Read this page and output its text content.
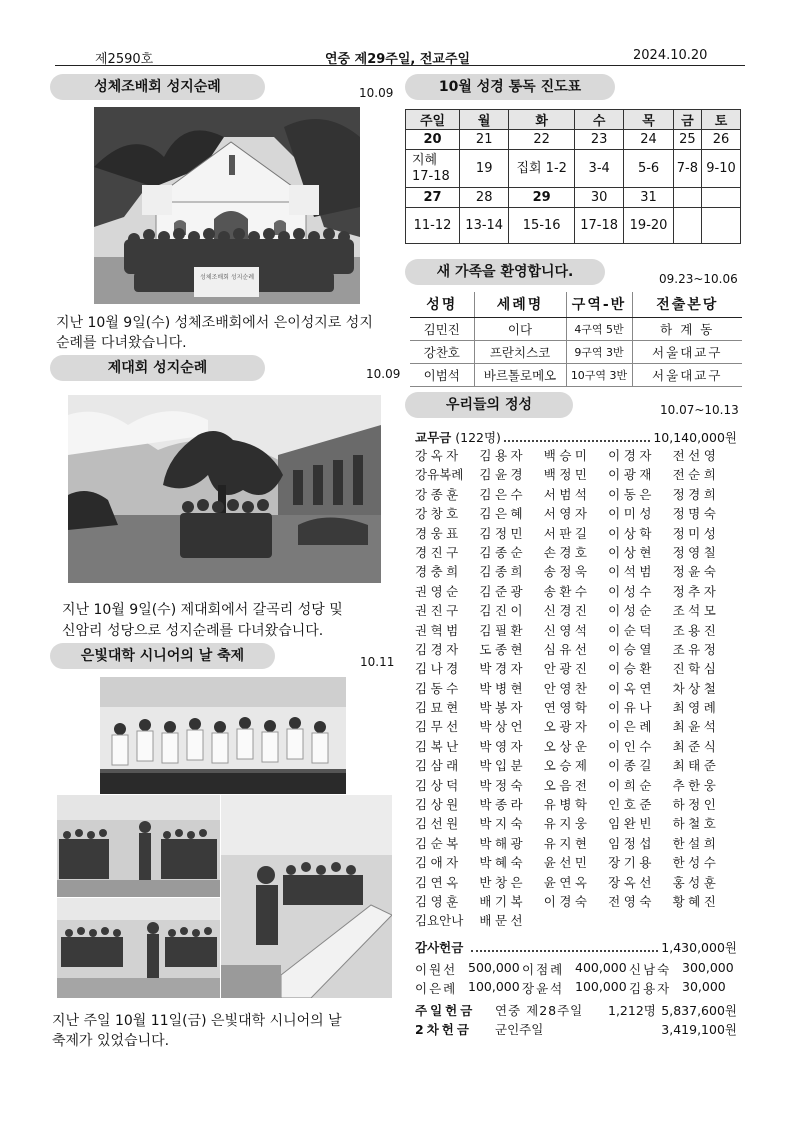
제2590호	연중 제29주일, 전교주일	2024.10.20
성체조배회 성지순례	10.09
성체조배회 성지순례
지난 10월 9일(수) 성체조배회에서 은이성지로 성지
순례를 다녀왔습니다.
제대회 성지순례	10.09
지난 10월 9일(수) 제대회에서 갈곡리 성당 및
신암리 성당으로 성지순례를 다녀왔습니다.
은빛대학 시니어의 날 축제	10.11
지난 주일 10월 11일(금) 은빛대학 시니어의 날
축제가 있었습니다.
10월 성경 통독 진도표
주일	월	화	수	목	금	토
20	21	22	23	24	25	26
지혜 17-18	19	집회 1-2	3-4	5-6	7-8	9-10
27	28	29	30	31		
11-12	13-14	15-16	17-18	19-20		
새 가족을 환영합니다.	09.23~10.06
성명	세례명	구역-반	전출본당
김민진	이다	4구역 5반	하 계 동
강찬호	프란치스코	9구역 3반	서울대교구
이범석	바르톨로메오	10구역 3반	서울대교구
우리들의 정성	10.07~10.13
교무금 (122명)	10,140,000원
강옥자	김용자	백승미	이경자	전선영
강유복례	김윤경	백정민	이광재	전순희
강종훈	김은수	서범석	이동은	정경희
강창호	김은혜	서영자	이미성	정명숙
경웅표	김정민	서판길	이상학	정미성
경진구	김종순	손경호	이상현	정영칠
경충희	김종희	송정욱	이석범	정윤숙
권영순	김준광	송환수	이성수	정추자
권진구	김진이	신경진	이성순	조석모
권혁범	김필환	신영석	이순덕	조용진
김경자	도종현	심유선	이승열	조유정
김나경	박경자	안광진	이승환	진학심
김동수	박병현	안영찬	이옥연	차상철
김묘현	박봉자	연영학	이유나	최영례
김무선	박상언	오광자	이은례	최윤석
김복난	박영자	오상운	이인수	최준식
김삼래	박입분	오승제	이종길	최태준
김상덕	박정숙	오음전	이희순	추한웅
김상원	박종라	유병학	인호준	하정인
김선원	박지숙	유지웅	임완빈	하철호
김순복	박해광	유지현	임정섭	한설희
김애자	박혜숙	윤선민	장기용	한성수
김연옥	반창은	윤연옥	장옥선	홍성훈
김영훈	배기복	이경숙	전영숙	황혜진
김요안나	배문선
감사헌금	1,430,000원
이원선 500,000 이점례 400,000 신남숙 300,000
이은례 100,000 장윤석 100,000 김용자 30,000
주일헌금 연중 제28주일 1,212명 5,837,600원
2차헌금 군인주일	3,419,100원
